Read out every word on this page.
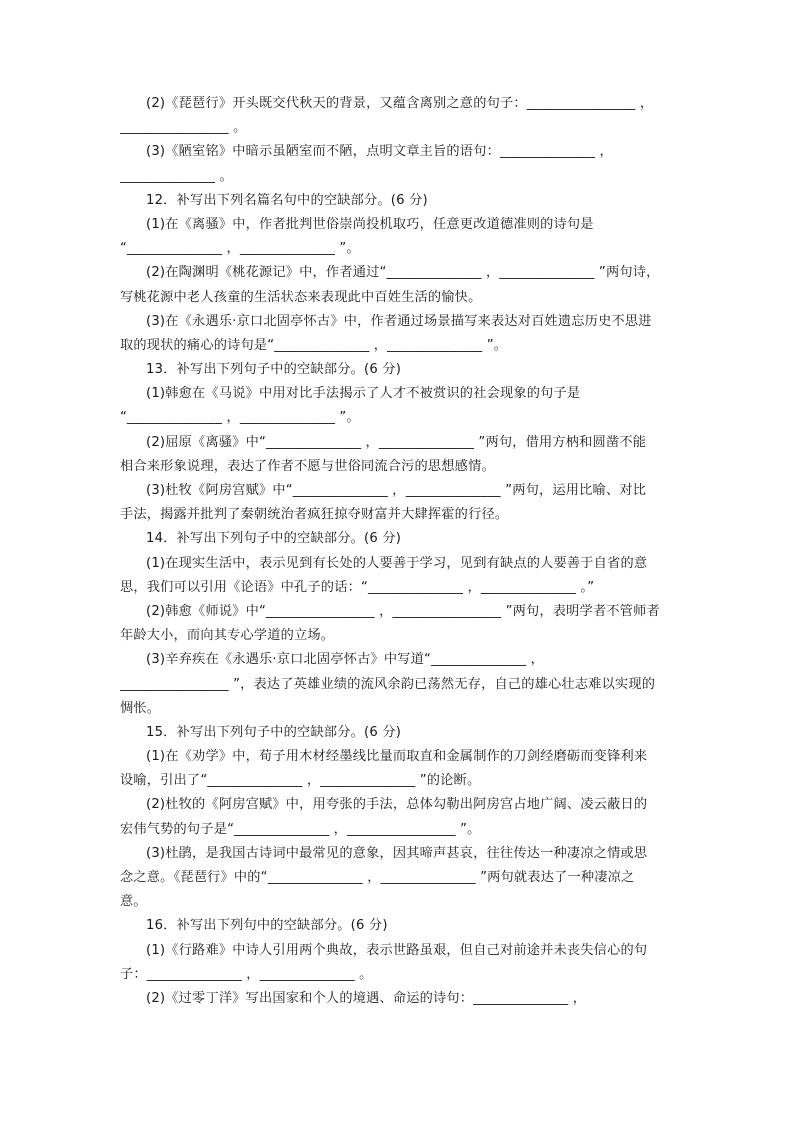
(2)《琵琶行》开头既交代秋天的背景，又蕴含离别之意的句子：________________ ，
________________ 。
(3)《陋室铭》中暗示虽陋室而不陋，点明文章主旨的语句：______________ ，
______________ 。
12．补写出下列名篇名句中的空缺部分。(6 分)
(1)在《离骚》中，作者批判世俗崇尚投机取巧，任意更改道德准则的诗句是
“______________ ，______________ ”。
(2)在陶渊明《桃花源记》中，作者通过“______________ ，______________ ”两句诗，
写桃花源中老人孩童的生活状态来表现此中百姓生活的愉快。
(3)在《永遇乐·京口北固亭怀古》中，作者通过场景描写来表达对百姓遗忘历史不思进
取的现状的痛心的诗句是“______________ ，______________ ”。
13．补写出下列句子中的空缺部分。(6 分)
(1)韩愈在《马说》中用对比手法揭示了人才不被赏识的社会现象的句子是
“______________ ，______________ ”。
(2)屈原《离骚》中“______________ ，______________ ”两句，借用方枘和圆凿不能
相合来形象说理，表达了作者不愿与世俗同流合污的思想感情。
(3)杜牧《阿房宫赋》中“______________ ，______________ ”两句，运用比喻、对比
手法，揭露并批判了秦朝统治者疯狂掠夺财富并大肆挥霍的行径。
14．补写出下列句子中的空缺部分。(6 分)
(1)在现实生活中，表示见到有长处的人要善于学习，见到有缺点的人要善于自省的意
思，我们可以引用《论语》中孔子的话：“______________ ，______________ 。”
(2)韩愈《师说》中“________________ ，________________ ”两句，表明学者不管师者
年龄大小，而向其专心学道的立场。
(3)辛弃疾在《永遇乐·京口北固亭怀古》中写道“______________ ，
________________ ”，表达了英雄业绩的流风余韵已荡然无存，自己的雄心壮志难以实现的
惆怅。
15．补写出下列句子中的空缺部分。(6 分)
(1)在《劝学》中，荀子用木材经墨线比量而取直和金属制作的刀剑经磨砺而变锋利来
设喻，引出了“______________ ，______________ ”的论断。
(2)杜牧的《阿房宫赋》中，用夸张的手法，总体勾勒出阿房宫占地广阔、凌云蔽日的
宏伟气势的句子是“______________ ，________________ ”。
(3)杜鹃，是我国古诗词中最常见的意象，因其啼声甚哀，往往传达一种凄凉之情或思
念之意。《琵琶行》中的“______________ ，______________ ”两句就表达了一种凄凉之
意。
16．补写出下列句中的空缺部分。(6 分)
(1)《行路难》中诗人引用两个典故，表示世路虽艰，但自己对前途并未丧失信心的句
子：______________ ，______________ 。
(2)《过零丁洋》写出国家和个人的境遇、命运的诗句：______________ ，
